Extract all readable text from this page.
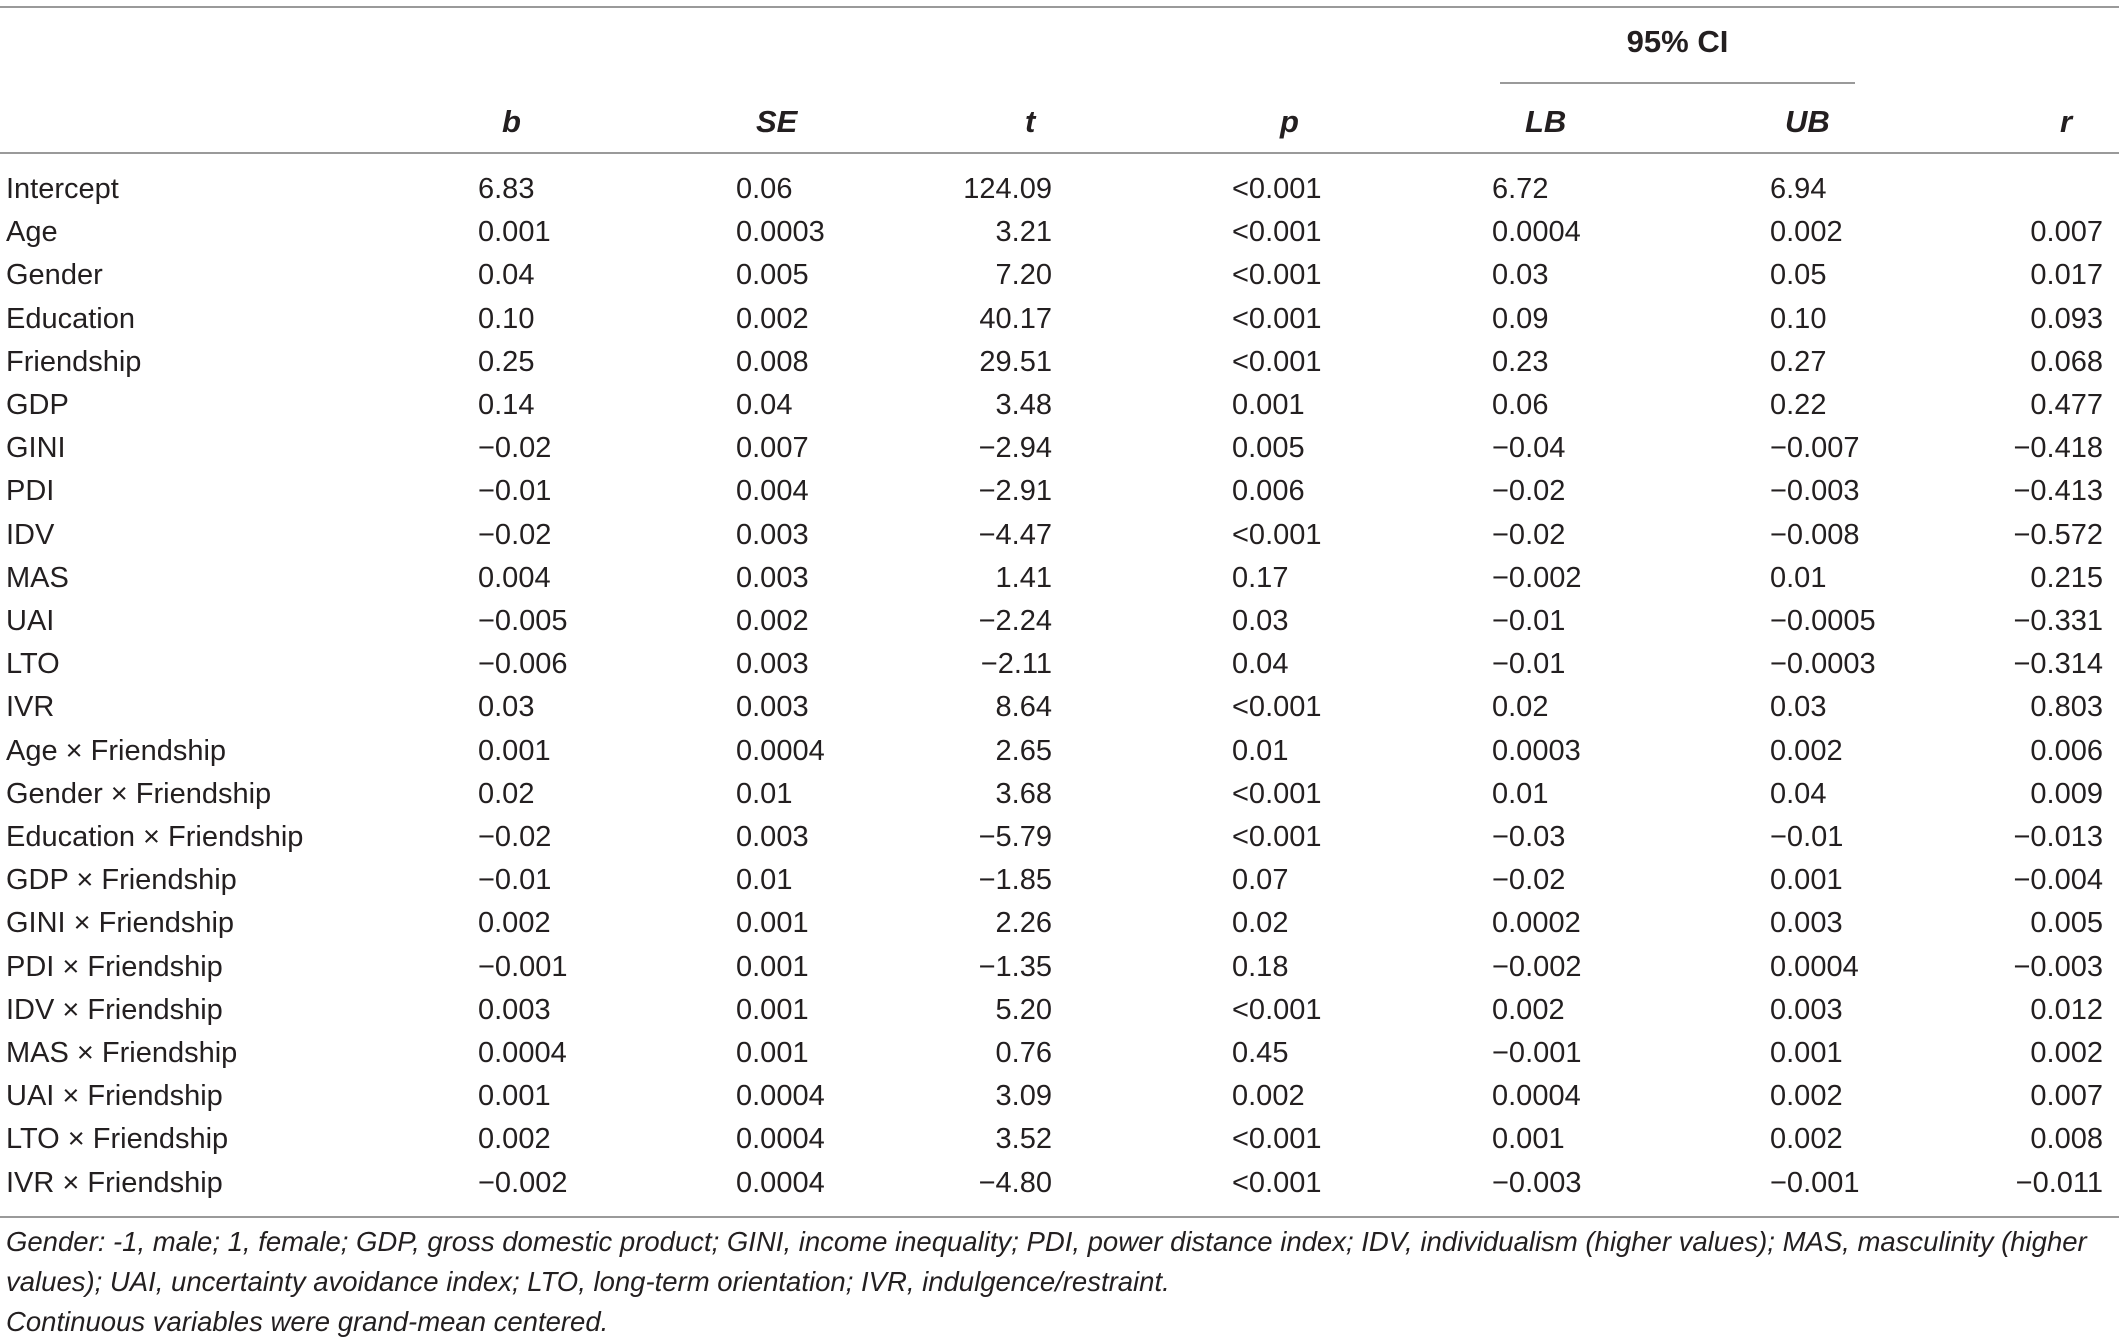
95% CI
b	SE	t	p	LB	UB	r
Intercept	6.83	0.06	124.09	<0.001	6.72	6.94
Age	0.001	0.0003	3.21	<0.001	0.0004	0.002	0.007
Gender	0.04	0.005	7.20	<0.001	0.03	0.05	0.017
Education	0.10	0.002	40.17	<0.001	0.09	0.10	0.093
Friendship	0.25	0.008	29.51	<0.001	0.23	0.27	0.068
GDP	0.14	0.04	3.48	0.001	0.06	0.22	0.477
GINI	−0.02	0.007	−2.94	0.005	−0.04	−0.007	−0.418
PDI	−0.01	0.004	−2.91	0.006	−0.02	−0.003	−0.413
IDV	−0.02	0.003	−4.47	<0.001	−0.02	−0.008	−0.572
MAS	0.004	0.003	1.41	0.17	−0.002	0.01	0.215
UAI	−0.005	0.002	−2.24	0.03	−0.01	−0.0005	−0.331
LTO	−0.006	0.003	−2.11	0.04	−0.01	−0.0003	−0.314
IVR	0.03	0.003	8.64	<0.001	0.02	0.03	0.803
Age × Friendship	0.001	0.0004	2.65	0.01	0.0003	0.002	0.006
Gender × Friendship	0.02	0.01	3.68	<0.001	0.01	0.04	0.009
Education × Friendship	−0.02	0.003	−5.79	<0.001	−0.03	−0.01	−0.013
GDP × Friendship	−0.01	0.01	−1.85	0.07	−0.02	0.001	−0.004
GINI × Friendship	0.002	0.001	2.26	0.02	0.0002	0.003	0.005
PDI × Friendship	−0.001	0.001	−1.35	0.18	−0.002	0.0004	−0.003
IDV × Friendship	0.003	0.001	5.20	<0.001	0.002	0.003	0.012
MAS × Friendship	0.0004	0.001	0.76	0.45	−0.001	0.001	0.002
UAI × Friendship	0.001	0.0004	3.09	0.002	0.0004	0.002	0.007
LTO × Friendship	0.002	0.0004	3.52	<0.001	0.001	0.002	0.008
IVR × Friendship	−0.002	0.0004	−4.80	<0.001	−0.003	−0.001	−0.011

Gender: -1, male; 1, female; GDP, gross domestic product; GINI, income inequality; PDI, power distance index; IDV, individualism (higher values); MAS, masculinity (higher values); UAI, uncertainty avoidance index; LTO, long-term orientation; IVR, indulgence/restraint.

Continuous variables were grand-mean centered.
